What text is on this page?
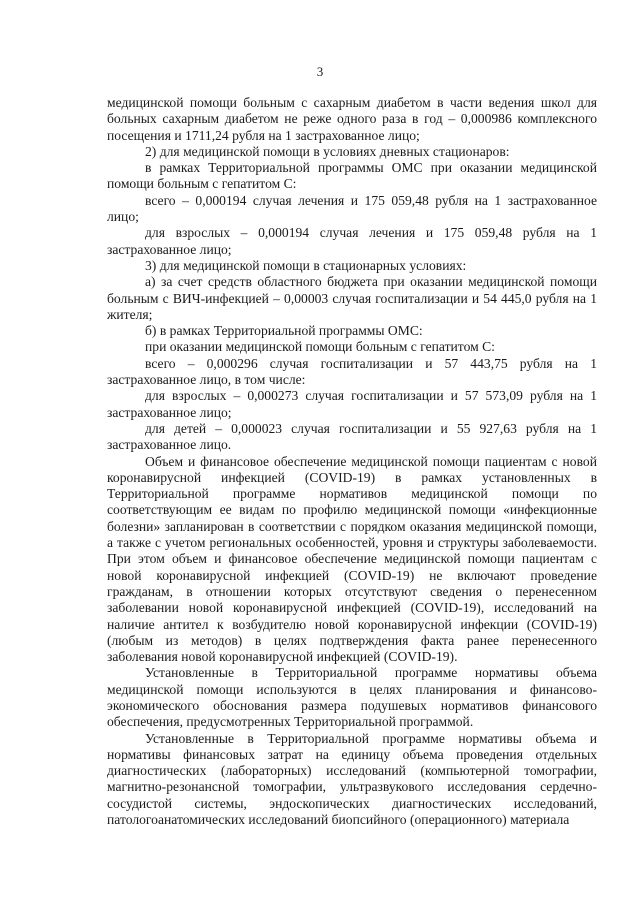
3

медицинской помощи больным с сахарным диабетом в части ведения школ для больных сахарным диабетом не реже одного раза в год – 0,000986 комплексного посещения и 1711,24 рубля на 1 застрахованное лицо;

2) для медицинской помощи в условиях дневных стационаров:

в рамках Территориальной программы ОМС при оказании медицинской помощи больным с гепатитом С:

всего – 0,000194 случая лечения и 175 059,48 рубля на 1 застрахованное лицо;

для взрослых – 0,000194 случая лечения и 175 059,48 рубля на 1 застрахованное лицо;

3) для медицинской помощи в стационарных условиях:

а) за счет средств областного бюджета при оказании медицинской помощи больным с ВИЧ-инфекцией – 0,00003 случая госпитализации и 54 445,0 рубля на 1 жителя;

б) в рамках Территориальной программы ОМС:

при оказании медицинской помощи больным с гепатитом С:

всего – 0,000296 случая госпитализации и 57 443,75 рубля на 1 застрахованное лицо, в том числе:

для взрослых – 0,000273 случая госпитализации и 57 573,09 рубля на 1 застрахованное лицо;

для детей – 0,000023 случая госпитализации и 55 927,63 рубля на 1 застрахованное лицо.

Объем и финансовое обеспечение медицинской помощи пациентам с новой коронавирусной инфекцией (COVID-19) в рамках установленных в Территориальной программе нормативов медицинской помощи по соответствующим ее видам по профилю медицинской помощи «инфекционные болезни» запланирован в соответствии с порядком оказания медицинской помощи, а также с учетом региональных особенностей, уровня и структуры заболеваемости. При этом объем и финансовое обеспечение медицинской помощи пациентам с новой коронавирусной инфекцией (COVID-19) не включают проведение гражданам, в отношении которых отсутствуют сведения о перенесенном заболевании новой коронавирусной инфекцией (COVID-19), исследований на наличие антител к возбудителю новой коронавирусной инфекции (COVID-19) (любым из методов) в целях подтверждения факта ранее перенесенного заболевания новой коронавирусной инфекцией (COVID-19).

Установленные в Территориальной программе нормативы объема медицинской помощи используются в целях планирования и финансово-экономического обоснования размера подушевых нормативов финансового обеспечения, предусмотренных Территориальной программой.

Установленные в Территориальной программе нормативы объема и нормативы финансовых затрат на единицу объема проведения отдельных диагностических (лабораторных) исследований (компьютерной томографии, магнитно-резонансной томографии, ультразвукового исследования сердечно-сосудистой системы, эндоскопических диагностических исследований, патологоанатомических исследований биопсийного (операционного) материала
